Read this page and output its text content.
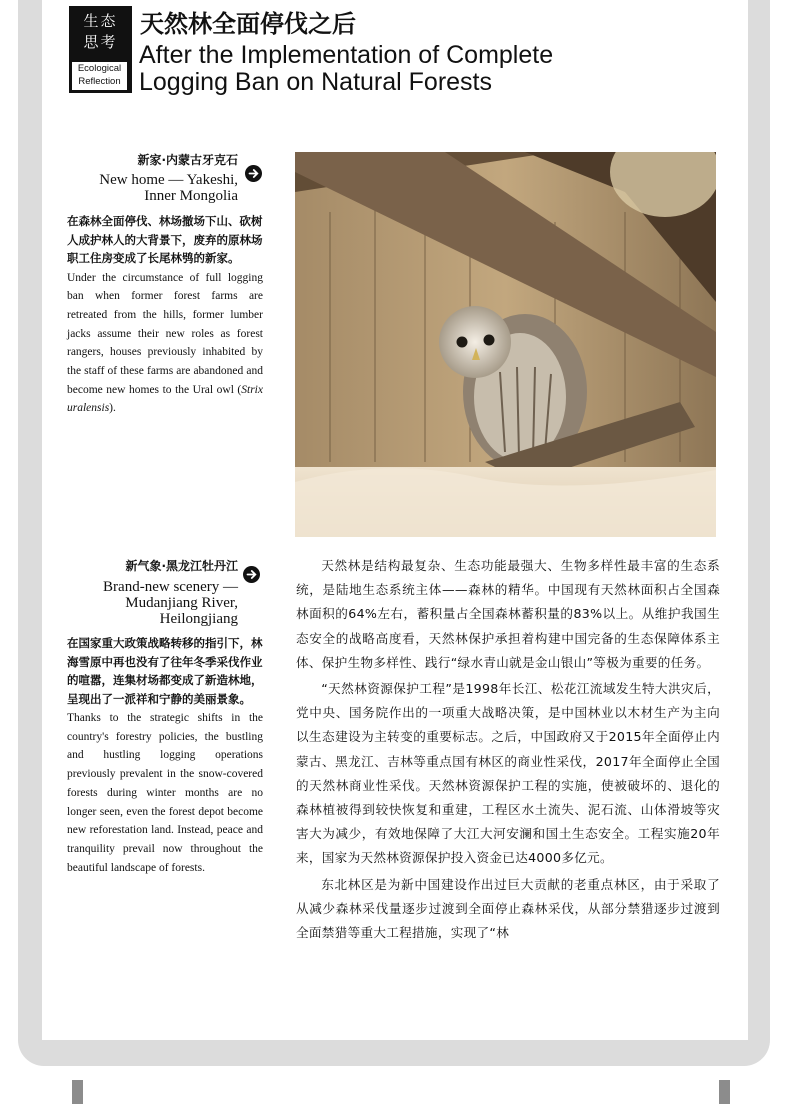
生态
思考
Ecological
Reflection
天然林全面停伐之后
After the Implementation of Complete
Logging Ban on Natural Forests
新家·内蒙古牙克石
New home — Yakeshi,
Inner Mongolia

在森林全面停伐、林场撤场下山、砍树人成护林人的大背景下，废弃的原林场职工住房变成了长尾林鸮的新家。

Under the circumstance of full logging ban when former forest farms are retreated from the hills, former lumber jacks assume their new roles as forest rangers, houses previously inhabited by the staff of these farms are abandoned and become new homes to the Ural owl (Strix uralensis).

新气象·黑龙江牡丹江
Brand-new scenery —
Mudanjiang River,
Heilongjiang

在国家重大政策战略转移的指引下，林海雪原中再也没有了往年冬季采伐作业的喧嚣，连集材场都变成了新造林地，呈现出了一派祥和宁静的美丽景象。

Thanks to the strategic shifts in the country's forestry policies, the bustling and hustling logging operations previously prevalent in the snow-covered forests during winter months are no longer seen, even the forest depot become new reforestation land. Instead, peace and tranquility prevail now throughout the beautiful landscape of forests.

天然林是结构最复杂、生态功能最强大、生物多样性最丰富的生态系统，是陆地生态系统主体——森林的精华。中国现有天然林面积占全国森林面积的64%左右，蓄积量占全国森林蓄积量的83%以上。从维护我国生态安全的战略高度看，天然林保护承担着构建中国完备的生态保障体系主体、保护生物多样性、践行“绿水青山就是金山银山”等极为重要的任务。

“天然林资源保护工程”是1998年长江、松花江流域发生特大洪灾后，党中央、国务院作出的一项重大战略决策，是中国林业以木材生产为主向以生态建设为主转变的重要标志。之后，中国政府又于2015年全面停止内蒙古、黑龙江、吉林等重点国有林区的商业性采伐，2017年全面停止全国的天然林商业性采伐。天然林资源保护工程的实施，使被破坏的、退化的森林植被得到较快恢复和重建，工程区水土流失、泥石流、山体滑坡等灾害大为减少，有效地保障了大江大河安澜和国土生态安全。工程实施20年来，国家为天然林资源保护投入资金已达4000多亿元。

东北林区是为新中国建设作出过巨大贡献的老重点林区，由于采取了从减少森林采伐量逐步过渡到全面停止森林采伐，从部分禁猎逐步过渡到全面禁猎等重大工程措施，实现了“林
